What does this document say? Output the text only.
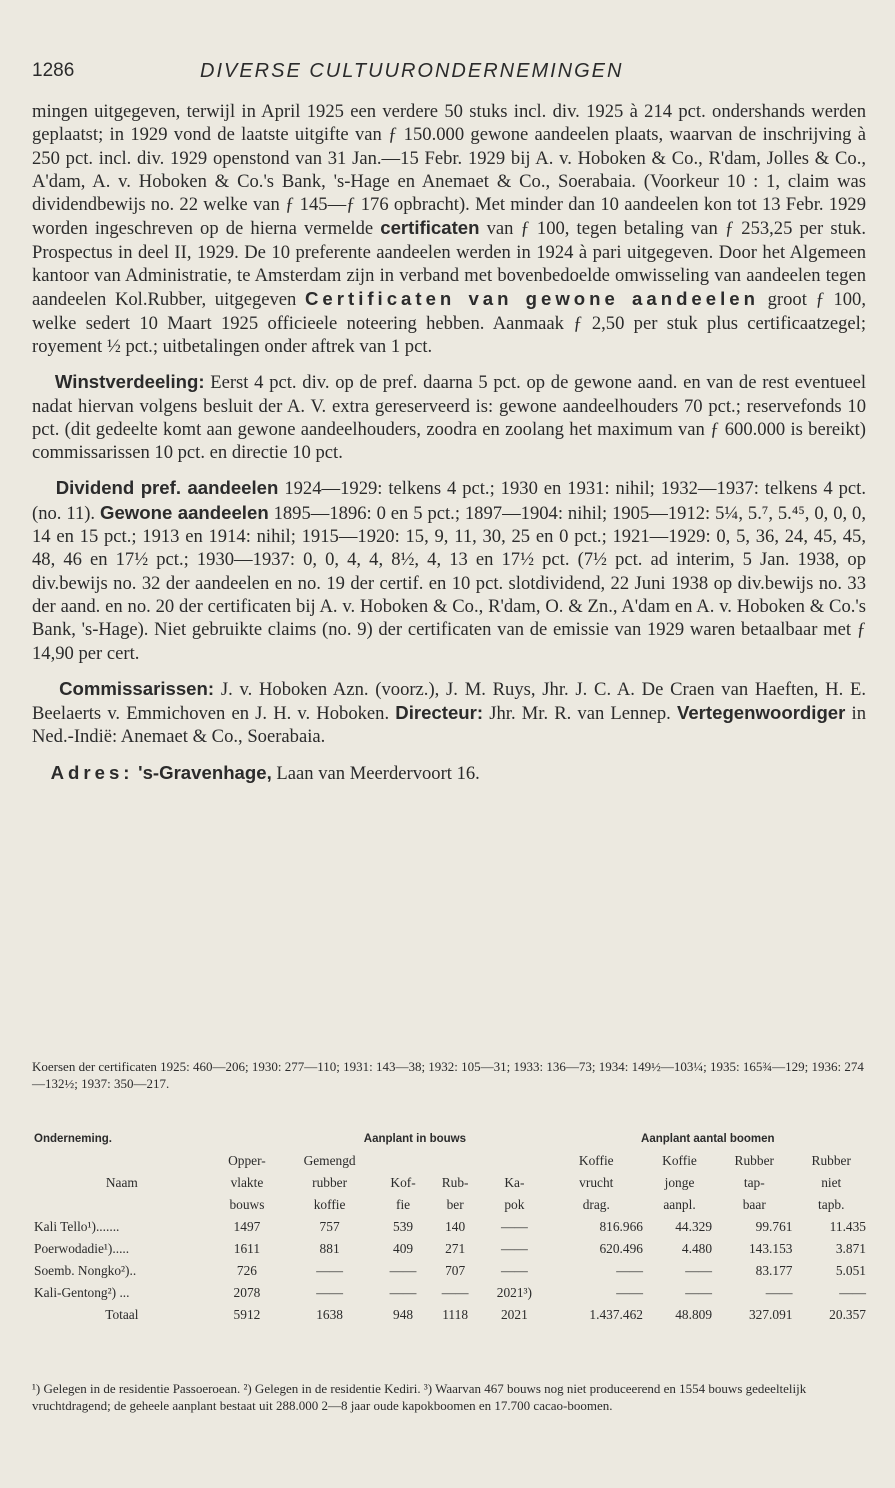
1286	DIVERSE CULTUURONDERNEMINGEN

mingen uitgegeven, terwijl in April 1925 een verdere 50 stuks incl. div. 1925 à 214 pct. ondershands werden geplaatst; in 1929 vond de laatste uitgifte van ƒ 150.000 gewone aandeelen plaats, waarvan de inschrijving à 250 pct. incl. div. 1929 openstond van 31 Jan.—15 Febr. 1929 bij A. v. Hoboken & Co., R'dam, Jolles & Co., A'dam, A. v. Hoboken & Co.'s Bank, 's-Hage en Anemaet & Co., Soerabaia. (Voorkeur 10 : 1, claim was dividendbewijs no. 22 welke van ƒ 145—ƒ 176 opbracht). Met minder dan 10 aandeelen kon tot 13 Febr. 1929 worden ingeschreven op de hierna vermelde certificaten van ƒ 100, tegen betaling van ƒ 253,25 per stuk. Prospectus in deel II, 1929. De 10 preferente aandeelen werden in 1924 à pari uitgegeven. Door het Algemeen kantoor van Administratie, te Amsterdam zijn in verband met bovenbedoelde omwisseling van aandeelen tegen aandeelen Kol.Rubber, uitgegeven Certificaten van gewone aandeelen groot ƒ 100, welke sedert 10 Maart 1925 officieele noteering hebben. Aanmaak ƒ 2,50 per stuk plus certificaatzegel; royement ½ pct.; uitbetalingen onder aftrek van 1 pct.

Winstverdeeling: Eerst 4 pct. div. op de pref. daarna 5 pct. op de gewone aand. en van de rest eventueel nadat hiervan volgens besluit der A. V. extra gereserveerd is: gewone aandeelhouders 70 pct.; reservefonds 10 pct. (dit gedeelte komt aan gewone aandeelhouders, zoodra en zoolang het maximum van ƒ 600.000 is bereikt) commissarissen 10 pct. en directie 10 pct.

Dividend pref. aandeelen 1924—1929: telkens 4 pct.; 1930 en 1931: nihil; 1932—1937: telkens 4 pct. (no. 11). Gewone aandeelen 1895—1896: 0 en 5 pct.; 1897—1904: nihil; 1905—1912: 5¼, 5.⁷, 5.⁴⁵, 0, 0, 0, 14 en 15 pct.; 1913 en 1914: nihil; 1915—1920: 15, 9, 11, 30, 25 en 0 pct.; 1921—1929: 0, 5, 36, 24, 45, 45, 48, 46 en 17½ pct.; 1930—1937: 0, 0, 4, 4, 8½, 4, 13 en 17½ pct. (7½ pct. ad interim, 5 Jan. 1938, op div.bewijs no. 32 der aandeelen en no. 19 der certif. en 10 pct. slotdividend, 22 Juni 1938 op div.bewijs no. 33 der aand. en no. 20 der certificaten bij A. v. Hoboken & Co., R'dam, O. & Zn., A'dam en A. v. Hoboken & Co.'s Bank, 's-Hage). Niet gebruikte claims (no. 9) der certificaten van de emissie van 1929 waren betaalbaar met ƒ 14,90 per cert.

Commissarissen: J. v. Hoboken Azn. (voorz.), J. M. Ruys, Jhr. J. C. A. De Craen van Haeften, H. E. Beelaerts v. Emmichoven en J. H. v. Hoboken. Directeur: Jhr. Mr. R. van Lennep. Vertegenwoordiger in Ned.-Indië: Anemaet & Co., Soerabaia.

Adres: 's-Gravenhage, Laan van Meerdervoort 16.

Koersen der certificaten 1925: 460—206; 1930: 277—110; 1931: 143—38; 1932: 105—31; 1933: 136—73; 1934: 149½—103¼; 1935: 165¾—129; 1936: 274—132½; 1937: 350—217.
Onderneming.		Aanplant in bouws				Aanplant aantal boomen			
	Opper-	Gemengd				Koffie	Koffie	Rubber	Rubber
Naam	vlakte	rubber	Kof-	Rub-	Ka-	vrucht	jonge	tap-	niet
	bouws	koffie	fie	ber	pok	drag.	aanpl.	baar	tapb.
Kali Tello¹).......	1497	757	539	140	——	816.966	44.329	99.761	11.435
Poerwodadie¹).....	1611	881	409	271	——	620.496	4.480	143.153	3.871
Soemb. Nongko²)..	726	——	——	707	——	——	——	83.177	5.051
Kali-Gentong²) ...	2078	——	——	——	2021³)	——	——	——	——
Totaal	5912	1638	948	1118	2021	1.437.462	48.809	327.091	20.357
¹) Gelegen in de residentie Passoeroean. ²) Gelegen in de residentie Kediri. ³) Waarvan 467 bouws nog niet produceerend en 1554 bouws gedeeltelijk vruchtdragend; de geheele aanplant bestaat uit 288.000 2—8 jaar oude kapokboomen en 17.700 cacao-boomen.
